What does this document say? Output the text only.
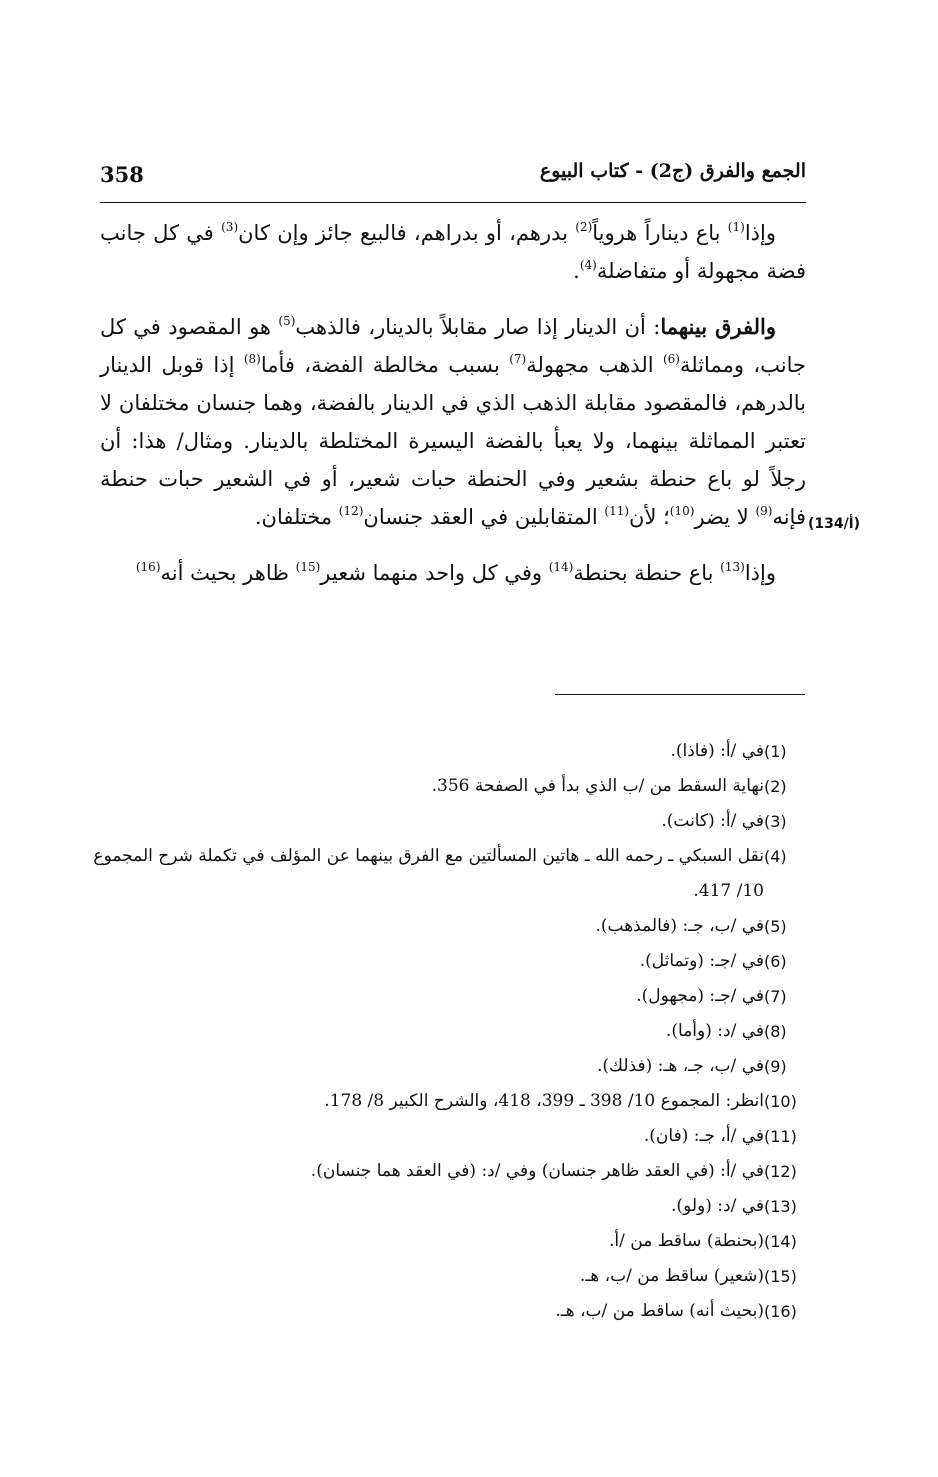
358	الجمع والفرق (ج2) - كتاب البيوع

وإذا$^{(1)}$ باع ديناراً هروياً$^{(2)}$ بدرهم، أو بدراهم، فالبيع جائز وإن كان$^{(3)}$ في كل جانب فضة مجهولة أو متفاضلة$^{(4)}$.

والفرق بينهما: أن الدينار إذا صار مقابلاً بالدينار، فالذهب$^{(5)}$ هو المقصود في كل جانب، ومماثلة$^{(6)}$ الذهب مجهولة$^{(7)}$ بسبب مخالطة الفضة، فأما$^{(8)}$ إذا قوبل الدينار بالدرهم، فالمقصود مقابلة الذهب الذي في الدينار بالفضة، وهما جنسان مختلفان لا تعتبر المماثلة بينهما، ولا يعبأ بالفضة اليسيرة المختلطة بالدينار. ومثال/ هذا: أن رجلاً لو باع حنطة بشعير وفي الحنطة حبات شعير، أو في الشعير حبات حنطة فإنه$^{(9)}$ لا يضر$^{(10)}$؛ لأن$^{(11)}$ المتقابلين في العقد جنسان$^{(12)}$ مختلفان.

وإذا$^{(13)}$ باع حنطة بحنطة$^{(14)}$ وفي كل واحد منهما شعير$^{(15)}$ ظاهر بحيث أنه$^{(16)}$

(134/أ)
(1)
في /أ: (فاذا).
(2)
نهاية السقط من /ب الذي بدأ في الصفحة 356.
(3)
في /أ: (كانت).
(4)
نقل السبكي ـ رحمه الله ـ هاتين المسألتين مع الفرق بينهما عن المؤلف في تكملة شرح المجموع 10/ 417.
(5)
في /ب، جـ: (فالمذهب).
(6)
في /جـ: (وتماثل).
(7)
في /جـ: (مجهول).
(8)
في /د: (وأما).
(9)
في /ب، جـ، هـ: (فذلك).
(10)
انظر: المجموع 10/ 398 ـ 399، 418، والشرح الكبير 8/ 178.
(11)
في /أ، جـ: (فان).
(12)
في /أ: (في العقد ظاهر جنسان) وفي /د: (في العقد هما جنسان).
(13)
في /د: (ولو).
(14)
(بحنطة) ساقط من /أ.
(15)
(شعير) ساقط من /ب، هـ.
(16)
(بحيث أنه) ساقط من /ب، هـ.
